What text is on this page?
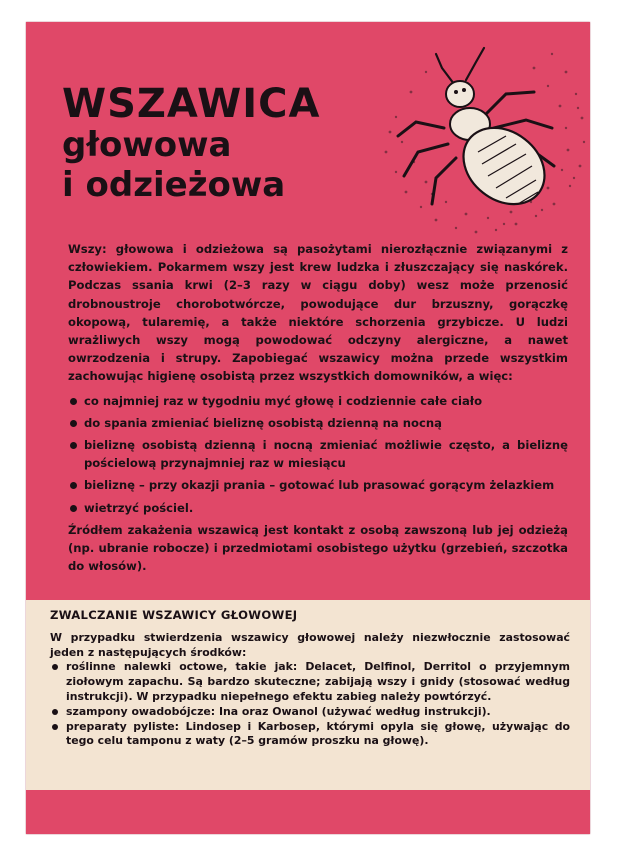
WSZAWICA
głowowa
i odzieżowa

Wszy: głowowa i odzieżowa są pasożytami nierozłącznie związanymi z człowiekiem. Pokarmem wszy jest krew ludzka i złuszczający się naskórek. Podczas ssania krwi (2–3 razy w ciągu doby) wesz może przenosić drobnoustroje chorobotwórcze, powodujące dur brzuszny, gorączkę okopową, tularemię, a także niektóre schorzenia grzybicze. U ludzi wrażliwych wszy mogą powodować odczyny alergiczne, a nawet owrzodzenia i strupy. Zapobiegać wszawicy można przede wszystkim zachowując higienę osobistą przez wszystkich domowników, a więc:

co najmniej raz w tygodniu myć głowę i codziennie całe ciało
do spania zmieniać bieliznę osobistą dzienną na nocną
bieliznę osobistą dzienną i nocną zmieniać możliwie często, a bieliznę pościelową przynajmniej raz w miesiącu
bieliznę – przy okazji prania – gotować lub prasować gorącym żelazkiem
wietrzyć pościel.

Źródłem zakażenia wszawicą jest kontakt z osobą zawszoną lub jej odzieżą (np. ubranie robocze) i przedmiotami osobistego użytku (grzebień, szczotka do włosów).

ZWALCZANIE WSZAWICY GŁOWOWEJ

W przypadku stwierdzenia wszawicy głowowej należy niezwłocznie zastosować jeden z następujących środków:

roślinne nalewki octowe, takie jak: Delacet, Delfinol, Derritol o przyjemnym ziołowym zapachu. Są bardzo skuteczne; zabijają wszy i gnidy (stosować według instrukcji). W przypadku niepełnego efektu zabieg należy powtórzyć.
szampony owadobójcze: Ina oraz Owanol (używać według instrukcji).
preparaty pyliste: Lindosep i Karbosep, którymi opyla się głowę, używając do tego celu tamponu z waty (2–5 gramów proszku na głowę).
